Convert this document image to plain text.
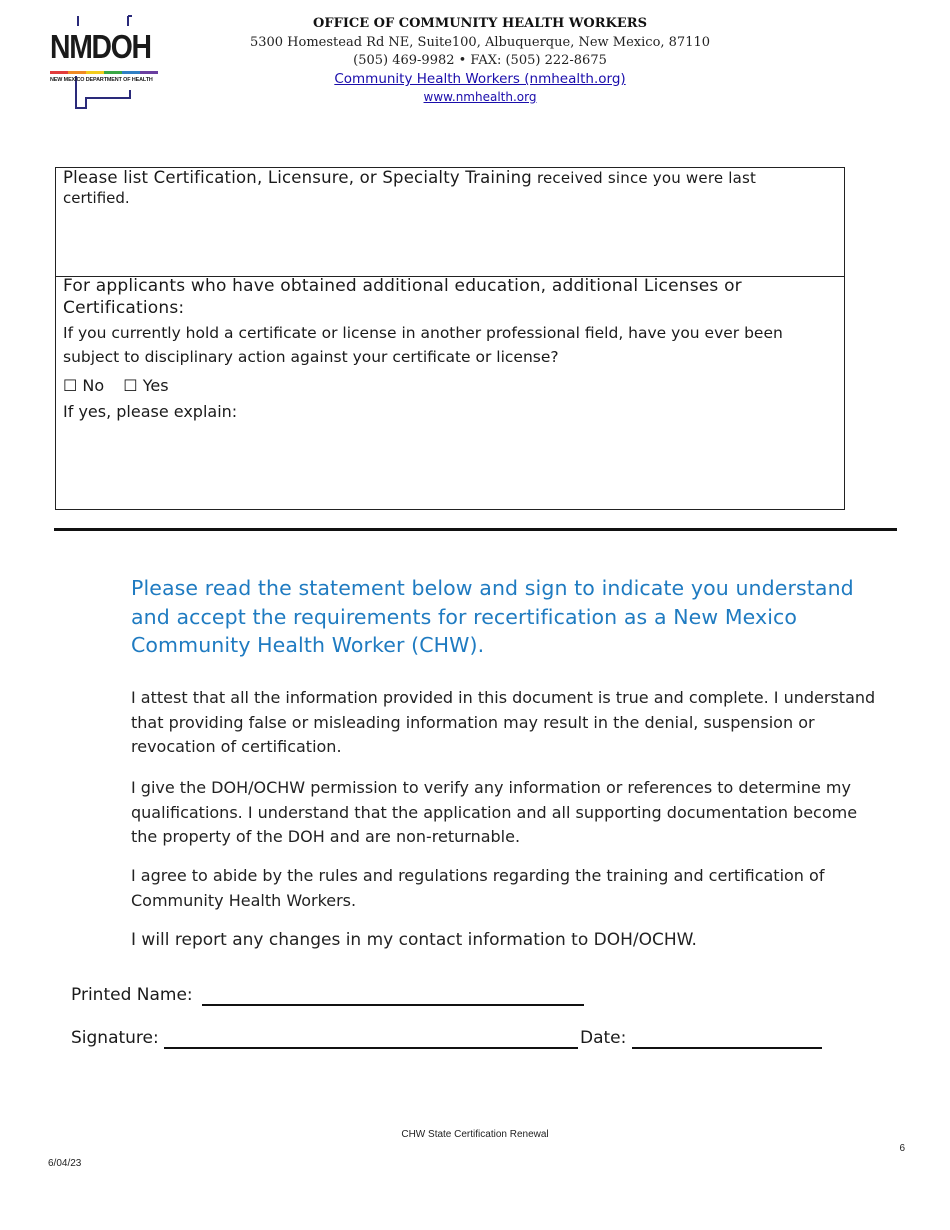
NMDOH
NEW MEXICO DEPARTMENT OF HEALTH
OFFICE OF COMMUNITY HEALTH WORKERS
5300 Homestead Rd NE, Suite100, Albuquerque, New Mexico, 87110
(505) 469-9982 • FAX: (505) 222-8675
Community Health Workers (nmhealth.org)
www.nmhealth.org
Please list Certification, Licensure, or Specialty Training received since you were last
certified.
For applicants who have obtained additional education, additional Licenses or Certifications:
If you currently hold a certificate or license in another professional field, have you ever been subject to disciplinary action against your certificate or license?
☐ No ☐ Yes
If yes, please explain:
Please read the statement below and sign to indicate you understand and accept the requirements for recertification as a New Mexico Community Health Worker (CHW).
I attest that all the information provided in this document is true and complete. I understand that providing false or misleading information may result in the denial, suspension or revocation of certification.
I give the DOH/OCHW permission to verify any information or references to determine my qualifications. I understand that the application and all supporting documentation become the property of the DOH and are non-returnable.
I agree to abide by the rules and regulations regarding the training and certification of Community Health Workers.
I will report any changes in my contact information to DOH/OCHW.
Printed Name:
Signature:	Date:
CHW State Certification Renewal
6
6/04/23
